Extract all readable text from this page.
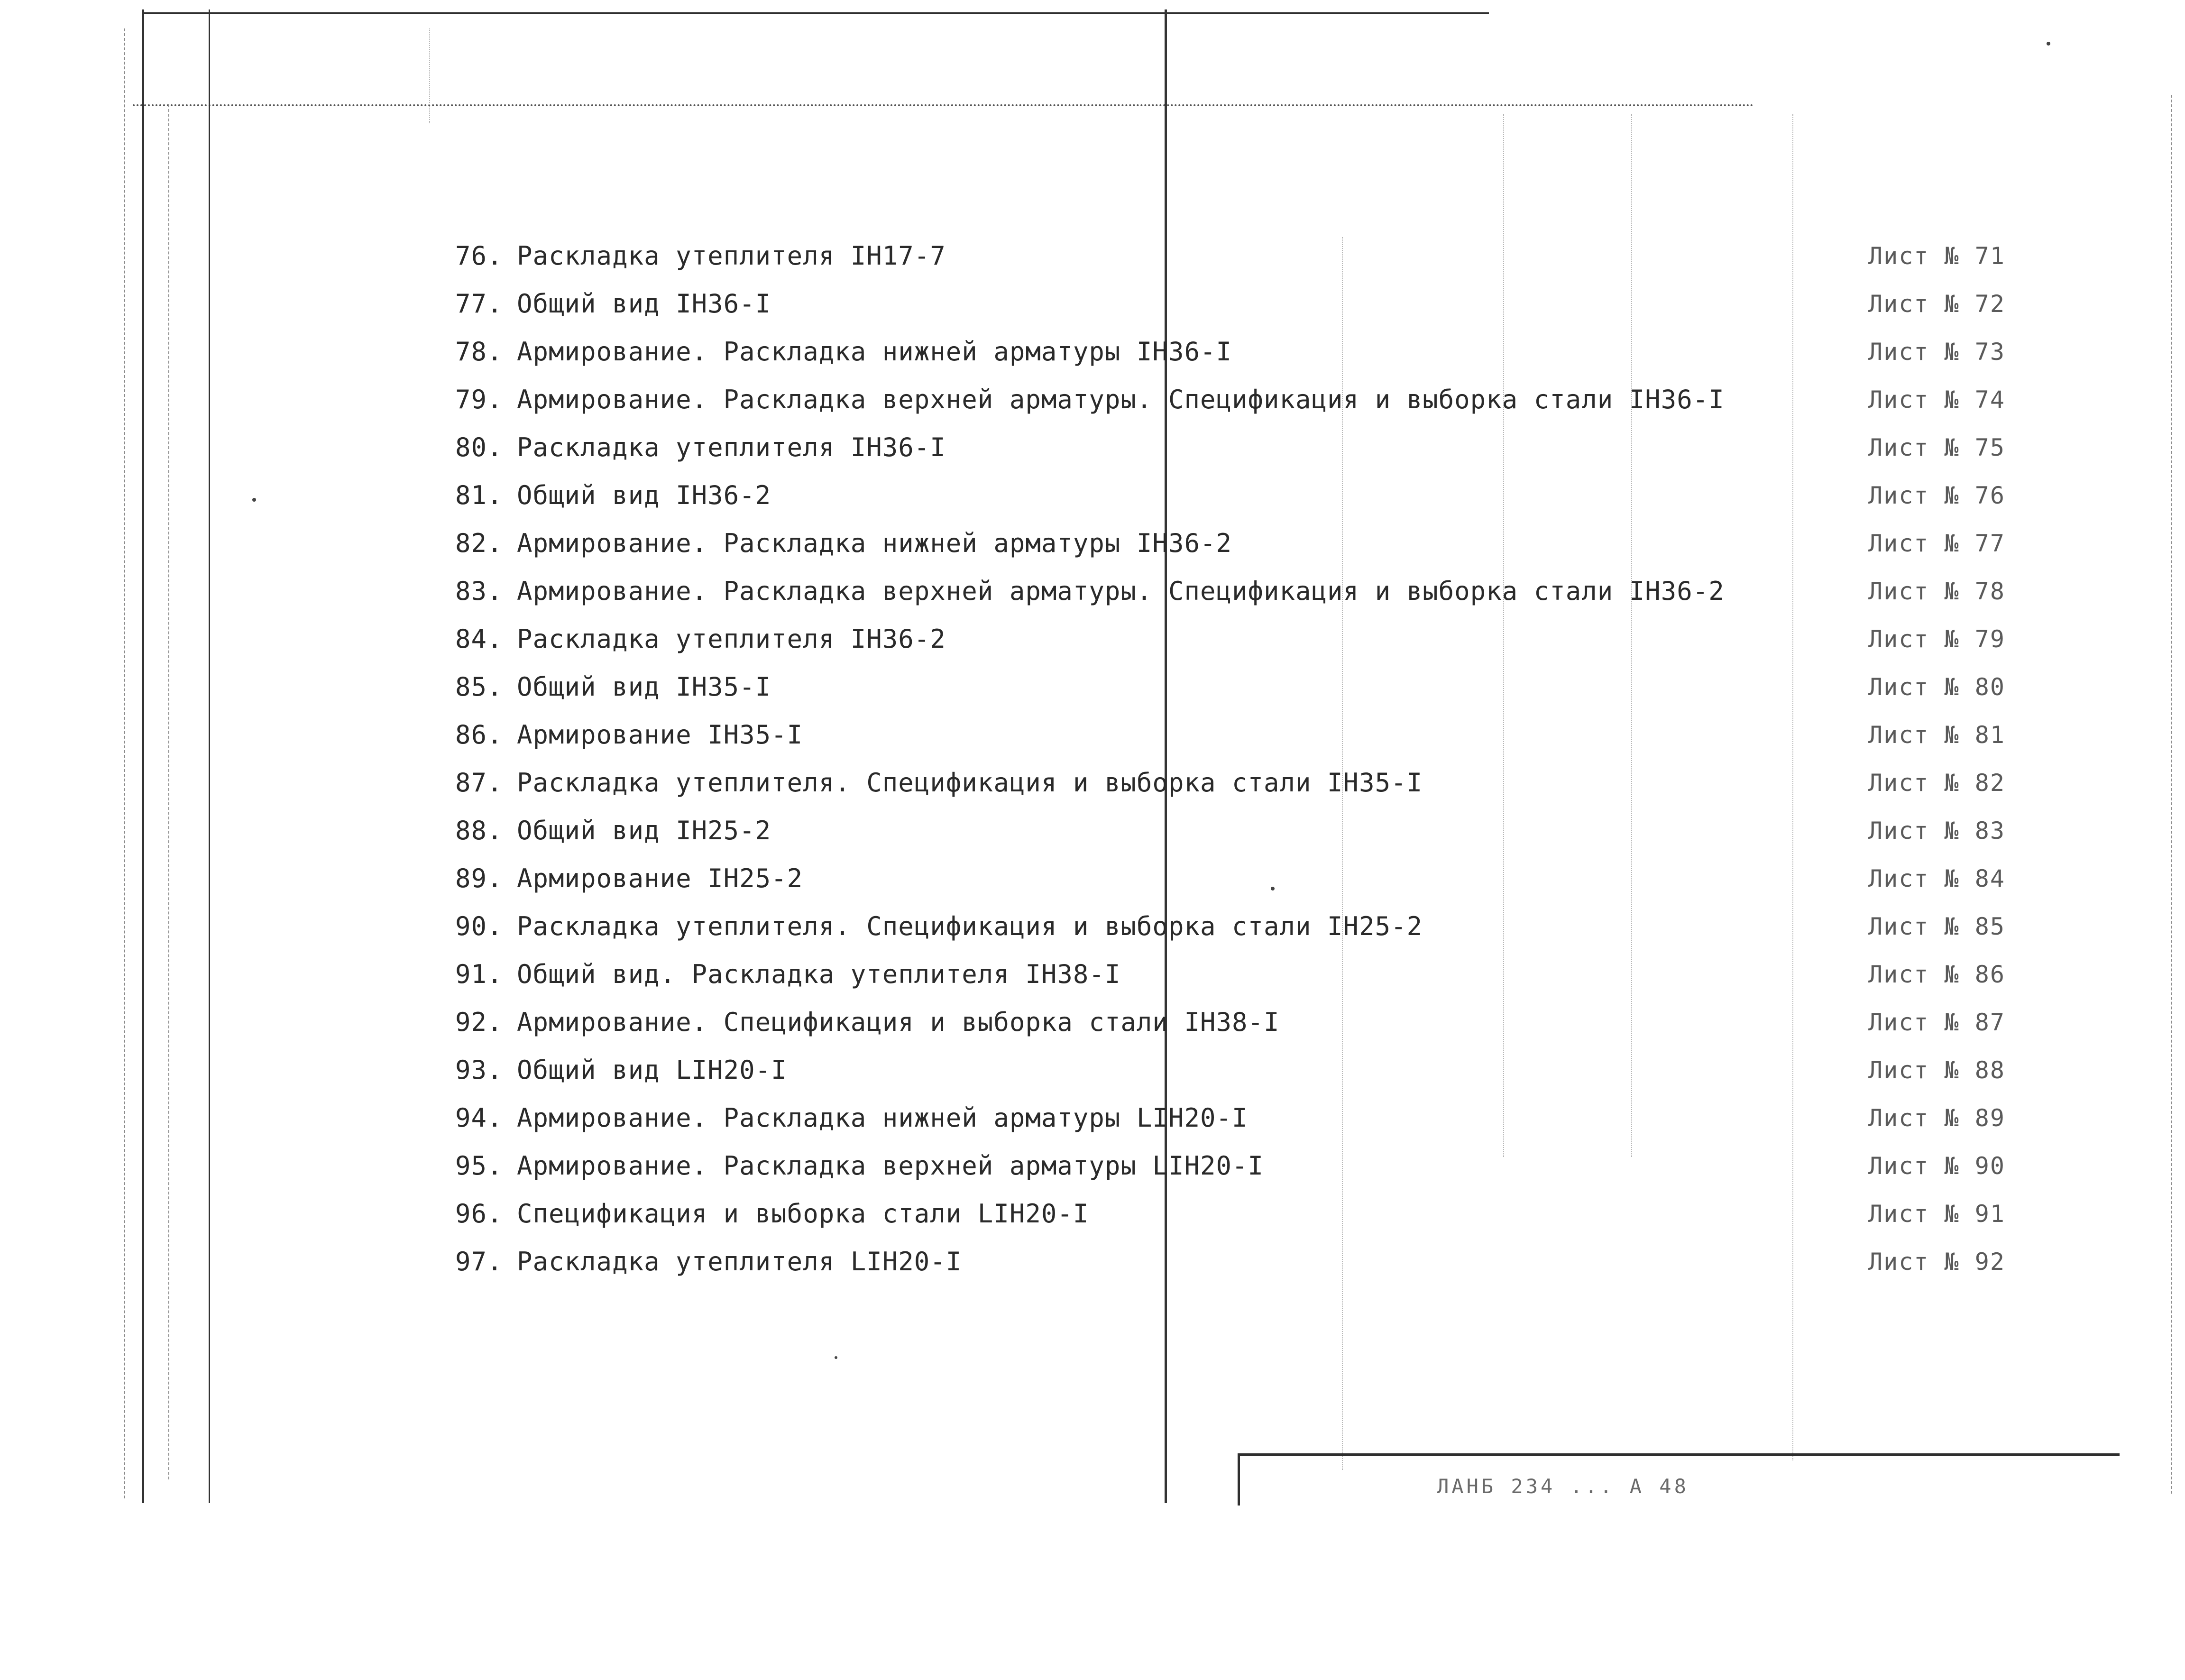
76. Раскладка утеплителя IH17-7
77. Общий вид IH36-I
78. Армирование. Раскладка нижней арматуры IH36-I
79. Армирование. Раскладка верхней арматуры. Спецификация и выборка стали IH36-I
80. Раскладка утеплителя IH36-I
81. Общий вид IH36-2
82. Армирование. Раскладка нижней арматуры IH36-2
83. Армирование. Раскладка верхней арматуры. Спецификация и выборка стали IH36-2
84. Раскладка утеплителя IH36-2
85. Общий вид IH35-I
86. Армирование IH35-I
87. Раскладка утеплителя. Спецификация и выборка стали IH35-I
88. Общий вид IH25-2
89. Армирование IH25-2
90. Раскладка утеплителя. Спецификация и выборка стали IH25-2
91. Общий вид. Раскладка утеплителя IH38-I
92. Армирование. Спецификация и выборка стали IH38-I
93. Общий вид LIH20-I
94. Армирование. Раскладка нижней арматуры LIH20-I
95. Армирование. Раскладка верхней арматуры LIH20-I
96. Спецификация и выборка стали LIH20-I
97. Раскладка утеплителя LIH20-I
Лист № 71
Лист № 72
Лист № 73
Лист № 74
Лист № 75
Лист № 76
Лист № 77
Лист № 78
Лист № 79
Лист № 80
Лист № 81
Лист № 82
Лист № 83
Лист № 84
Лист № 85
Лист № 86
Лист № 87
Лист № 88
Лист № 89
Лист № 90
Лист № 91
Лист № 92
ЛАНБ 234 ... А 48
